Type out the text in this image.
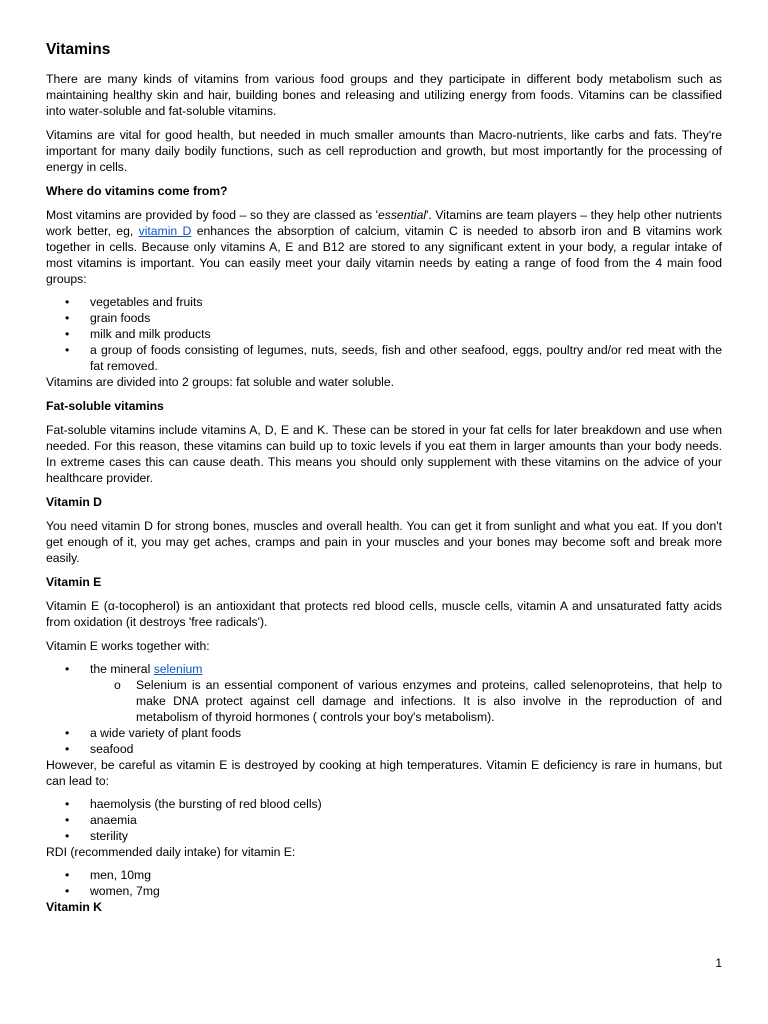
Vitamins

There are many kinds of vitamins from various food groups and they participate in different body metabolism such as maintaining healthy skin and hair, building bones and releasing and utilizing energy from foods. Vitamins can be classified into water-soluble and fat-soluble vitamins.

Vitamins are vital for good health, but needed in much smaller amounts than Macro-nutrients, like carbs and fats. They're important for many daily bodily functions, such as cell reproduction and growth, but most importantly for the processing of energy in cells.

Where do vitamins come from?

Most vitamins are provided by food – so they are classed as 'essential'. Vitamins are team players – they help other nutrients work better, eg, vitamin D enhances the absorption of calcium, vitamin C is needed to absorb iron and B vitamins work together in cells. Because only vitamins A, E and B12 are stored to any significant extent in your body, a regular intake of most vitamins is important. You can easily meet your daily vitamin needs by eating a range of food from the 4 main food groups:

• vegetables and fruits
• grain foods
• milk and milk products
• a group of foods consisting of legumes, nuts, seeds, fish and other seafood, eggs, poultry and/or red meat with the fat removed.

Vitamins are divided into 2 groups: fat soluble and water soluble.

Fat-soluble vitamins

Fat-soluble vitamins include vitamins A, D, E and K. These can be stored in your fat cells for later breakdown and use when needed. For this reason, these vitamins can build up to toxic levels if you eat them in larger amounts than your body needs. In extreme cases this can cause death. This means you should only supplement with these vitamins on the advice of your healthcare provider.

Vitamin D

You need vitamin D for strong bones, muscles and overall health. You can get it from sunlight and what you eat. If you don't get enough of it, you may get aches, cramps and pain in your muscles and your bones may become soft and break more easily.

Vitamin E

Vitamin E (α-tocopherol) is an antioxidant that protects red blood cells, muscle cells, vitamin A and unsaturated fatty acids from oxidation (it destroys 'free radicals').

Vitamin E works together with:

• the mineral selenium
o Selenium is an essential component of various enzymes and proteins, called selenoproteins, that help to make DNA protect against cell damage and infections. It is also involve in the reproduction of and metabolism of thyroid hormones ( controls your boy's metabolism).
• a wide variety of plant foods
• seafood

However, be careful as vitamin E is destroyed by cooking at high temperatures. Vitamin E deficiency is rare in humans, but can lead to:

• haemolysis (the bursting of red blood cells)
• anaemia
• sterility

RDI (recommended daily intake) for vitamin E:

• men, 10mg
• women, 7mg
Vitamin K
1
